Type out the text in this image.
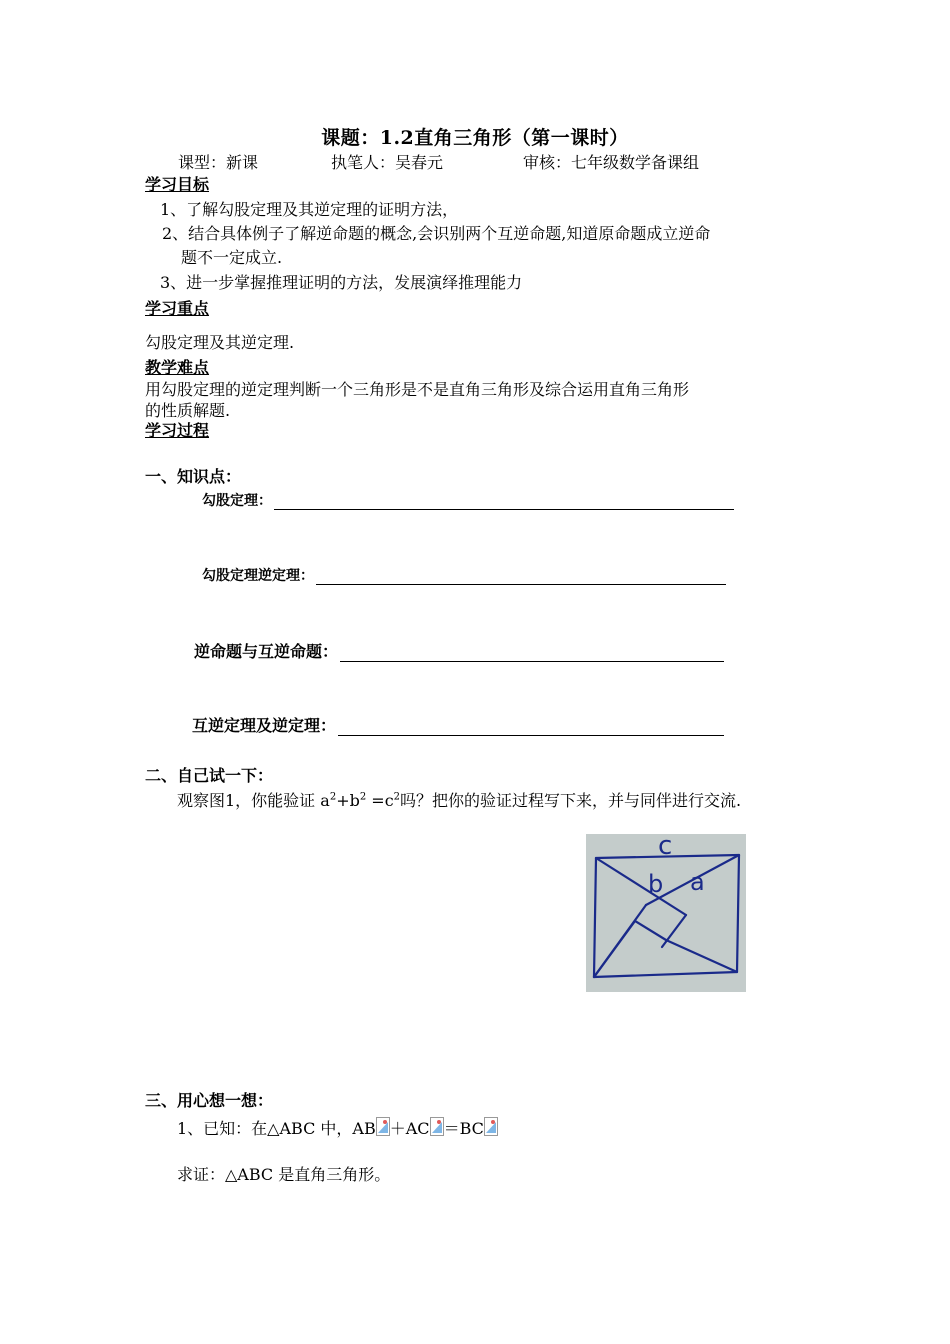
课题：1.2直角三角形（第一课时）
课型：新课	执笔人：吴春元	审核：七年级数学备课组
学习目标
1、了解勾股定理及其逆定理的证明方法，
2、结合具体例子了解逆命题的概念,会识别两个互逆命题,知道原命题成立逆命
题不一定成立.
3、进一步掌握推理证明的方法，发展演绎推理能力
学习重点
勾股定理及其逆定理.
教学难点
用勾股定理的逆定理判断一个三角形是不是直角三角形及综合运用直角三角形
的性质解题.
学习过程
一、知识点：
勾股定理：
勾股定理逆定理：
逆命题与互逆命题：
互逆定理及逆定理：
二、自己试一下：
观察图1，你能验证 $a^2+b^2 =c^2$吗？把你的验证过程写下来，并与同伴进行交流.
c
b a
三、用心想一想：
1、已知：在△ABC 中，AB ＋AC ＝BC
求证：△ABC 是直角三角形。
